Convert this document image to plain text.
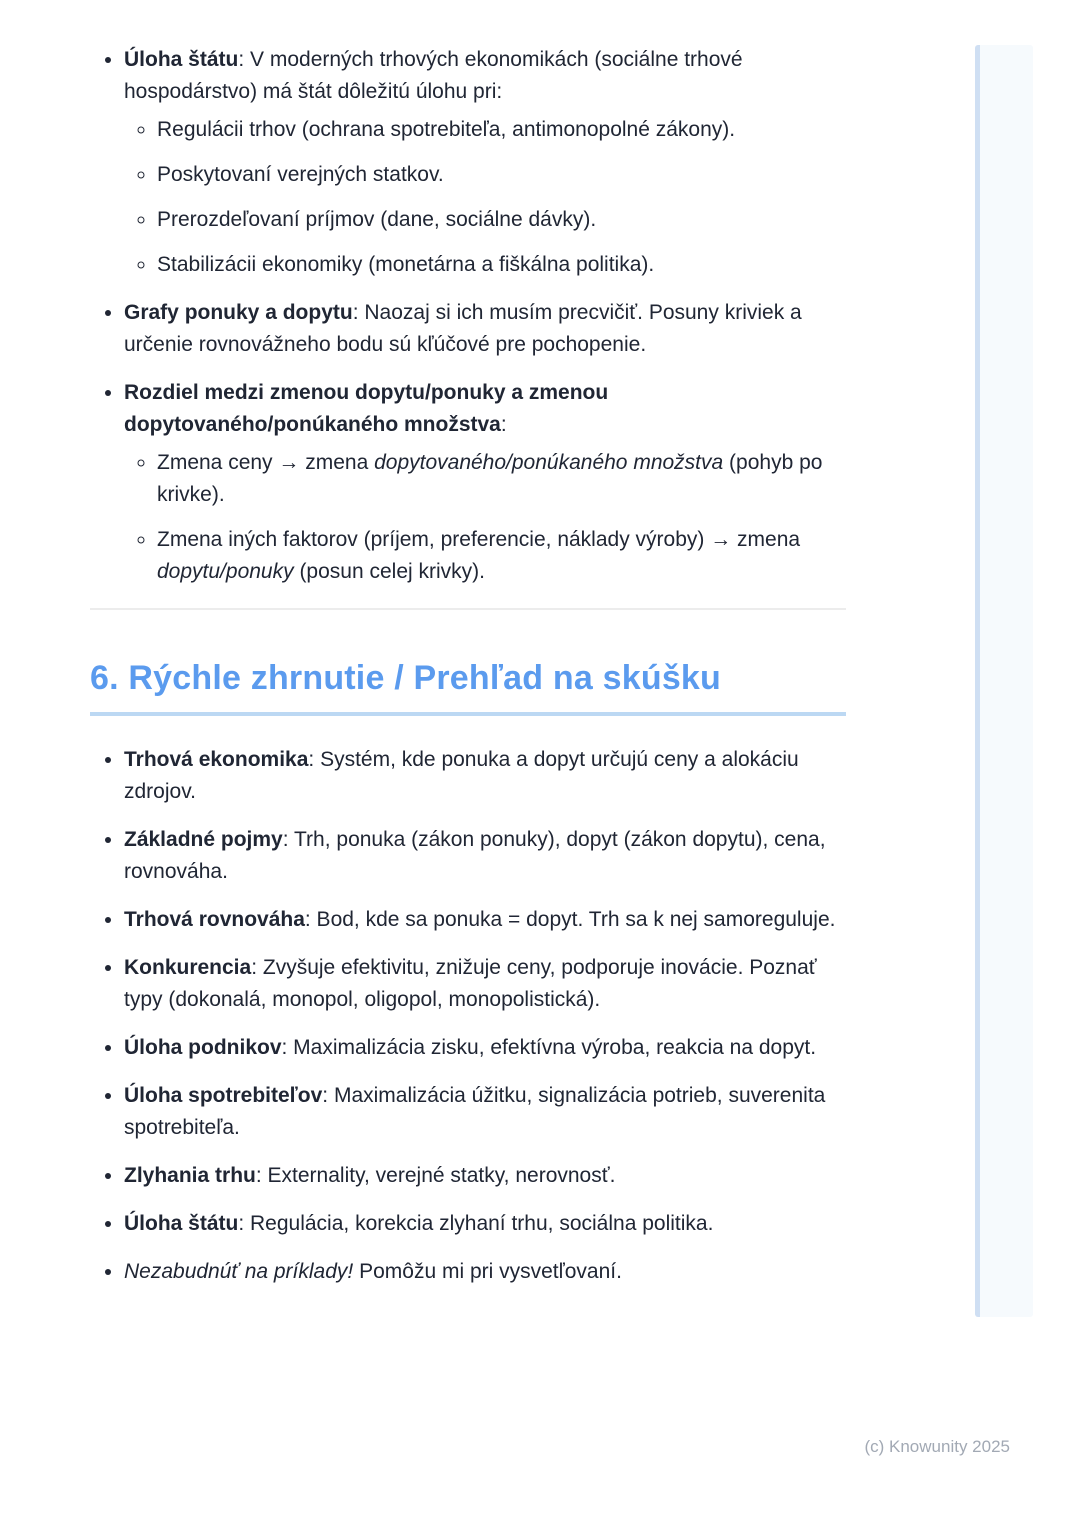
• Úloha štátu: V moderných trhových ekonomikách (sociálne trhové hospodárstvo) má štát dôležitú úlohu pri:
◦ Regulácii trhov (ochrana spotrebiteľa, antimonopolné zákony).
◦ Poskytovaní verejných statkov.
◦ Prerozdeľovaní príjmov (dane, sociálne dávky).
◦ Stabilizácii ekonomiky (monetárna a fiškálna politika).
• Grafy ponuky a dopytu: Naozaj si ich musím precvičiť. Posuny kriviek a určenie rovnovážneho bodu sú kľúčové pre pochopenie.
• Rozdiel medzi zmenou dopytu/ponuky a zmenou dopytovaného/ponúkaného množstva:
◦ Zmena ceny → zmena dopytovaného/ponúkaného množstva (pohyb po krivke).
◦ Zmena iných faktorov (príjem, preferencie, náklady výroby) → zmena dopytu/ponuky (posun celej krivky).
6. Rýchle zhrnutie / Prehľad na skúšku
• Trhová ekonomika: Systém, kde ponuka a dopyt určujú ceny a alokáciu zdrojov.
• Základné pojmy: Trh, ponuka (zákon ponuky), dopyt (zákon dopytu), cena, rovnováha.
• Trhová rovnováha: Bod, kde sa ponuka = dopyt. Trh sa k nej samoreguluje.
• Konkurencia: Zvyšuje efektivitu, znižuje ceny, podporuje inovácie. Poznať typy (dokonalá, monopol, oligopol, monopolistická).
• Úloha podnikov: Maximalizácia zisku, efektívna výroba, reakcia na dopyt.
• Úloha spotrebiteľov: Maximalizácia úžitku, signalizácia potrieb, suverenita spotrebiteľa.
• Zlyhania trhu: Externality, verejné statky, nerovnosť.
• Úloha štátu: Regulácia, korekcia zlyhaní trhu, sociálna politika.
• Nezabudnúť na príklady! Pomôžu mi pri vysvetľovaní.
(c) Knowunity 2025
